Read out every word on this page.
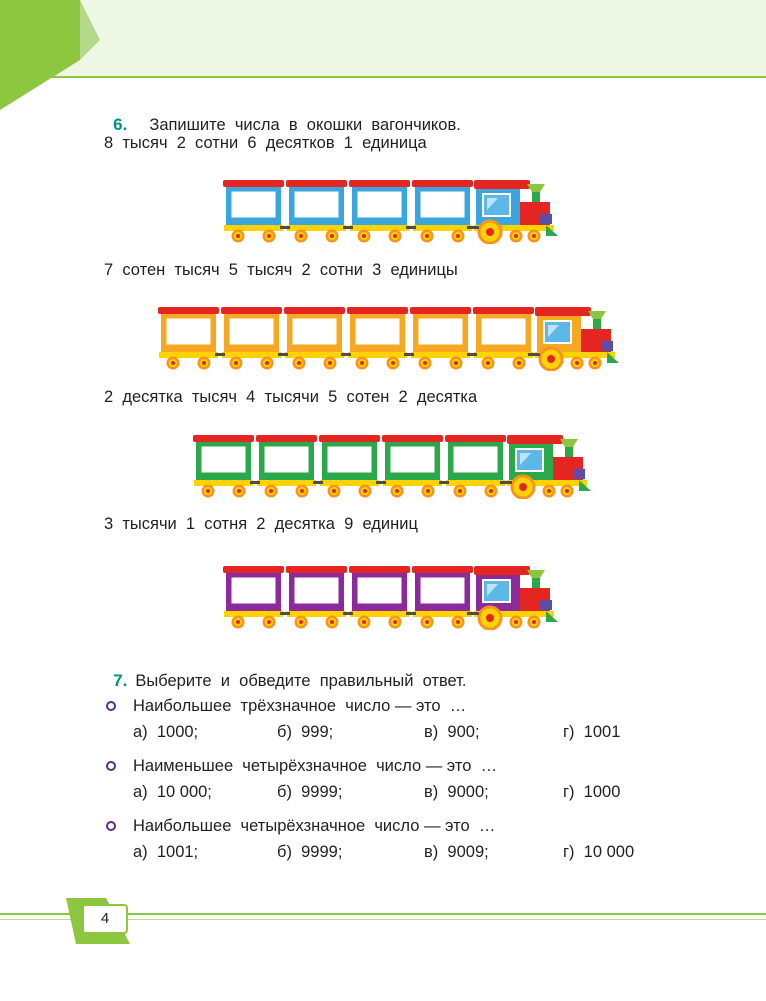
6. Запишите  числа  в  окошки  вагончиков.

8  тысяч  2  сотни  6  десятков  1  единица
7  сотен  тысяч  5  тысяч  2  сотни  3  единицы
2  десятка  тысяч  4  тысячи  5  сотен  2  десятка
3  тысячи  1  сотня  2  десятка  9  единиц

7. Выберите  и  обведите  правильный  ответ.

Наибольшее  трёхзначное  число — это  …
а)  1000;	б)  999;	в)  900;	г)  1001
Наименьшее  четырёхзначное  число — это  …
а)  10 000;	б)  9999;	в)  9000;	г)  1000
Наибольшее  четырёхзначное  число — это  …
а)  1001;	б)  9999;	в)  9009;	г)  10 000
4
